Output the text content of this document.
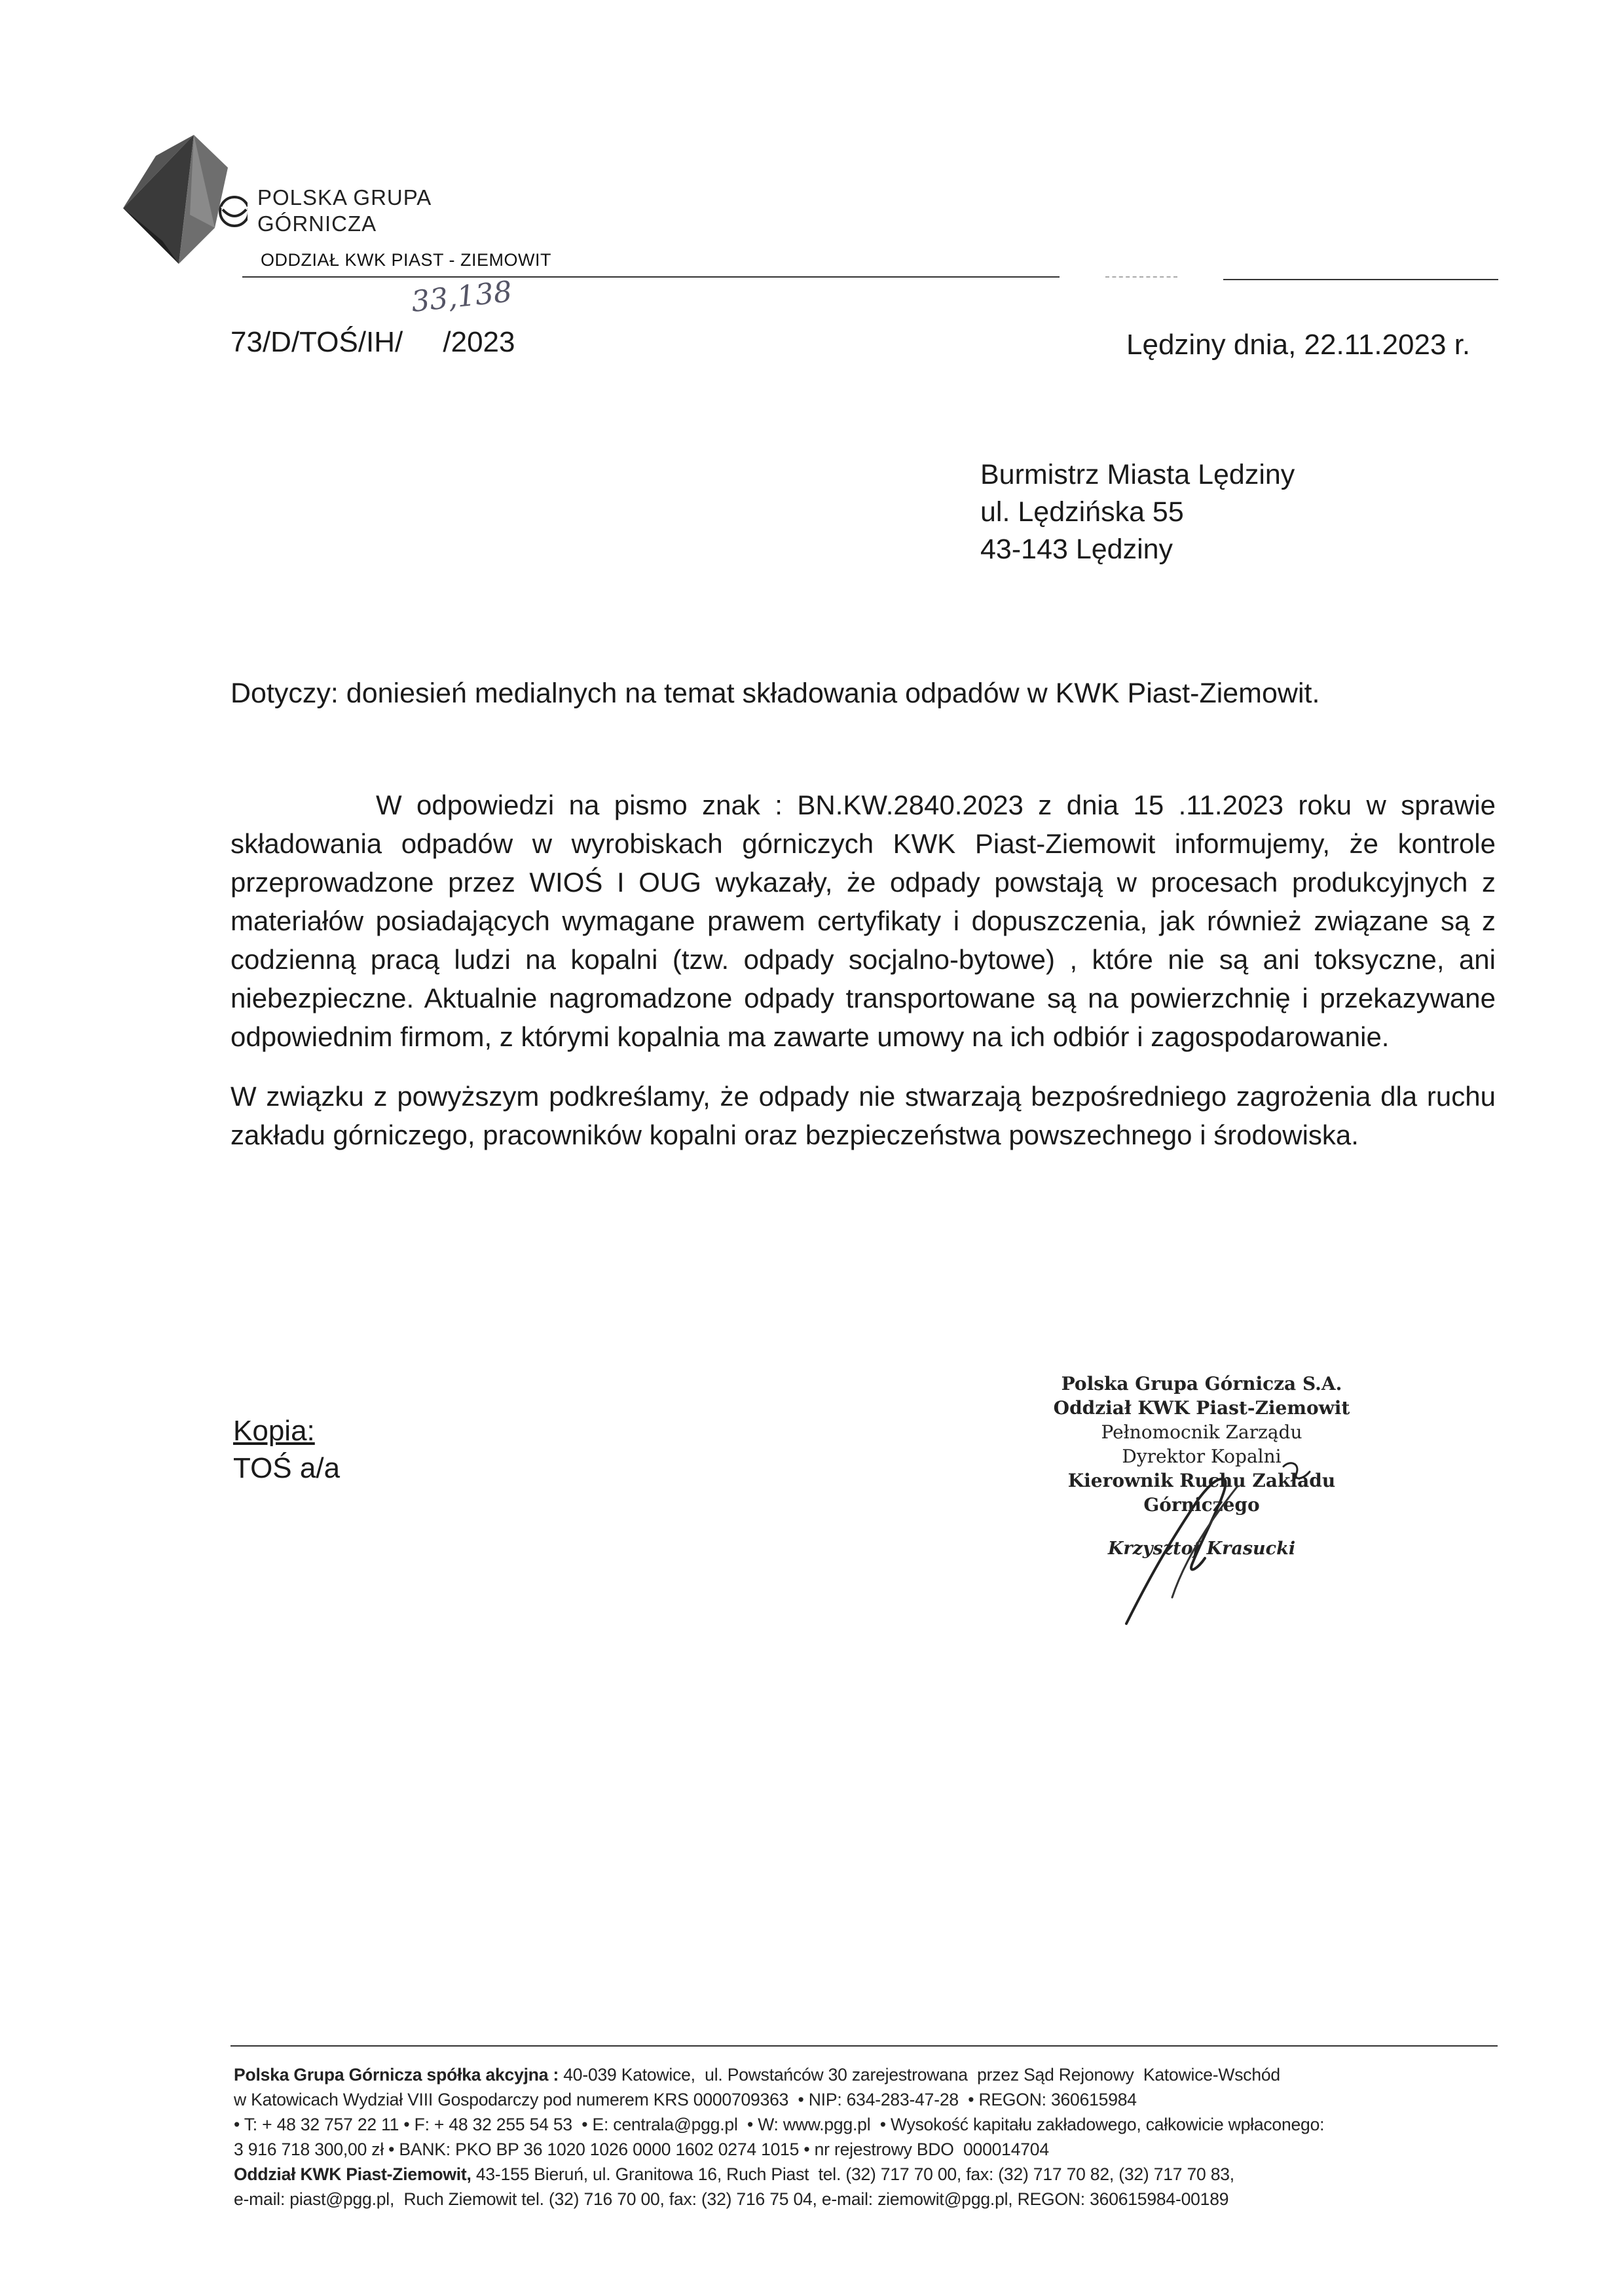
POLSKA GRUPA
GÓRNICZA
ODDZIAŁ KWK PIAST - ZIEMOWIT
33,138
73/D/TOŚ/IH/     /2023	Lędziny dnia, 22.11.2023 r.
Burmistrz Miasta Lędziny
ul. Lędzińska 55
43-143 Lędziny
Dotyczy: doniesień medialnych na temat składowania odpadów w KWK Piast-Ziemowit.

W odpowiedzi na pismo znak : BN.KW.2840.2023 z dnia 15 .11.2023 roku w sprawie składowania odpadów w wyrobiskach górniczych KWK Piast-Ziemowit informujemy, że kontrole przeprowadzone przez WIOŚ I OUG wykazały, że odpady powstają w procesach produkcyjnych z materiałów posiadających wymagane prawem certyfikaty i dopuszczenia, jak również związane są z codzienną pracą ludzi na kopalni (tzw. odpady socjalno-bytowe) , które nie są ani toksyczne, ani niebezpieczne. Aktualnie nagromadzone odpady transportowane są na powierzchnię i przekazywane odpowiednim firmom, z którymi kopalnia ma zawarte umowy na ich odbiór i zagospodarowanie.

W związku z powyższym podkreślamy, że odpady nie stwarzają bezpośredniego zagrożenia dla ruchu zakładu górniczego, pracowników kopalni oraz bezpieczeństwa powszechnego i środowiska.

Kopia:
TOŚ a/a
Polska Grupa Górnicza S.A.
Oddział KWK Piast-Ziemowit
Pełnomocnik Zarządu
Dyrektor Kopalni
Kierownik Ruchu Zakładu Górniczego
Krzysztof Krasucki
Polska Grupa Górnicza spółka akcyjna : 40-039 Katowice,  ul. Powstańców 30 zarejestrowana  przez Sąd Rejonowy  Katowice-Wschód
w Katowicach Wydział VIII Gospodarczy pod numerem KRS 0000709363  • NIP: 634-283-47-28  • REGON: 360615984
• T: + 48 32 757 22 11 • F: + 48 32 255 54 53  • E: centrala@pgg.pl  • W: www.pgg.pl  • Wysokość kapitału zakładowego, całkowicie wpłaconego:
3 916 718 300,00 zł • BANK: PKO BP 36 1020 1026 0000 1602 0274 1015 • nr rejestrowy BDO  000014704
Oddział KWK Piast-Ziemowit, 43-155 Bieruń, ul. Granitowa 16, Ruch Piast  tel. (32) 717 70 00, fax: (32) 717 70 82, (32) 717 70 83,
e-mail: piast@pgg.pl,  Ruch Ziemowit tel. (32) 716 70 00, fax: (32) 716 75 04, e-mail: ziemowit@pgg.pl, REGON: 360615984-00189
